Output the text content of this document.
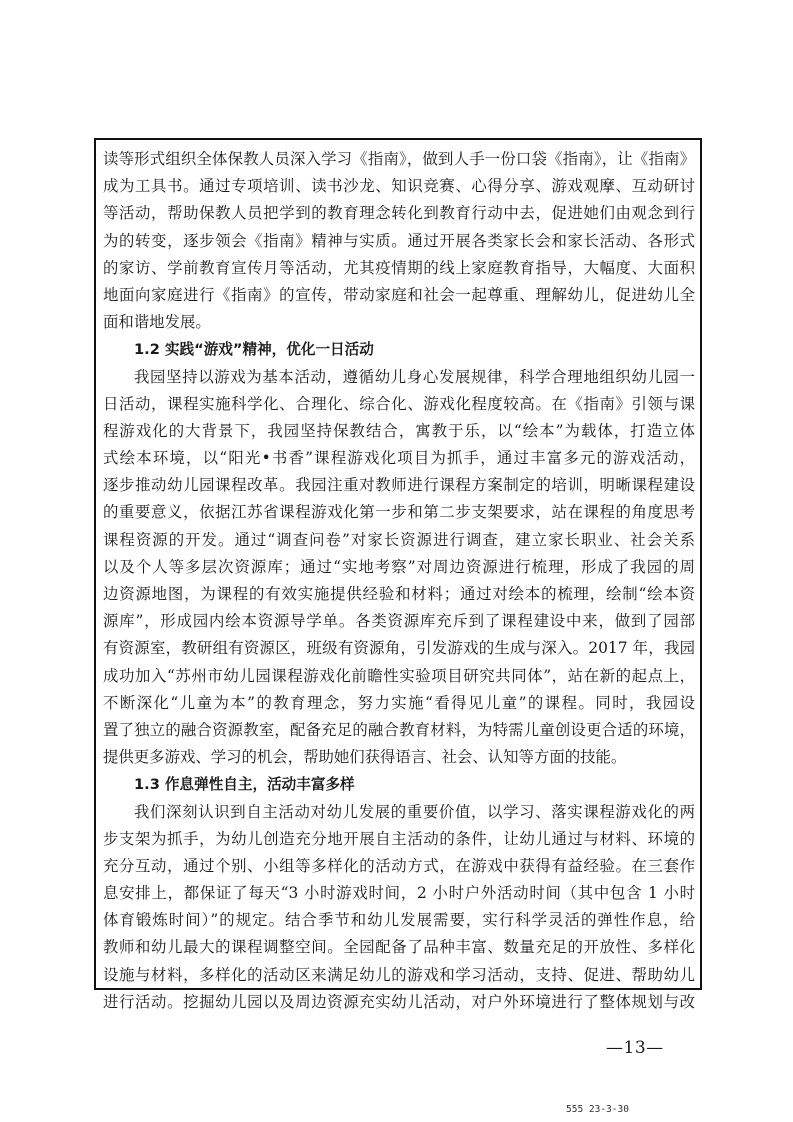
读等形式组织全体保教人员深入学习《指南》，做到人手一份口袋《指南》，让《指南》
成为工具书。通过专项培训、读书沙龙、知识竞赛、心得分享、游戏观摩、互动研讨
等活动，帮助保教人员把学到的教育理念转化到教育行动中去，促进她们由观念到行
为的转变，逐步领会《指南》精神与实质。通过开展各类家长会和家长活动、各形式
的家访、学前教育宣传月等活动，尤其疫情期的线上家庭教育指导，大幅度、大面积
地面向家庭进行《指南》的宣传，带动家庭和社会一起尊重、理解幼儿，促进幼儿全
面和谐地发展。
1.2 实践“游戏”精神，优化一日活动
我园坚持以游戏为基本活动，遵循幼儿身心发展规律，科学合理地组织幼儿园一
日活动，课程实施科学化、合理化、综合化、游戏化程度较高。在《指南》引领与课
程游戏化的大背景下，我园坚持保教结合，寓教于乐，以“绘本”为载体，打造立体
式绘本环境，以“阳光•书香”课程游戏化项目为抓手，通过丰富多元的游戏活动，
逐步推动幼儿园课程改革。我园注重对教师进行课程方案制定的培训，明晰课程建设
的重要意义，依据江苏省课程游戏化第一步和第二步支架要求，站在课程的角度思考
课程资源的开发。通过“调查问卷”对家长资源进行调查，建立家长职业、社会关系
以及个人等多层次资源库；通过“实地考察”对周边资源进行梳理，形成了我园的周
边资源地图，为课程的有效实施提供经验和材料；通过对绘本的梳理，绘制“绘本资
源库”，形成园内绘本资源导学单。各类资源库充斥到了课程建设中来，做到了园部
有资源室，教研组有资源区，班级有资源角，引发游戏的生成与深入。2017 年，我园
成功加入“苏州市幼儿园课程游戏化前瞻性实验项目研究共同体”，站在新的起点上，
不断深化“儿童为本”的教育理念，努力实施“看得见儿童”的课程。同时，我园设
置了独立的融合资源教室，配备充足的融合教育材料，为特需儿童创设更合适的环境，
提供更多游戏、学习的机会，帮助她们获得语言、社会、认知等方面的技能。
1.3 作息弹性自主，活动丰富多样
我们深刻认识到自主活动对幼儿发展的重要价值，以学习、落实课程游戏化的两
步支架为抓手，为幼儿创造充分地开展自主活动的条件，让幼儿通过与材料、环境的
充分互动，通过个别、小组等多样化的活动方式，在游戏中获得有益经验。在三套作
息安排上，都保证了每天“3 小时游戏时间，2 小时户外活动时间（其中包含 1 小时
体育锻炼时间）”的规定。结合季节和幼儿发展需要，实行科学灵活的弹性作息，给
教师和幼儿最大的课程调整空间。全园配备了品种丰富、数量充足的开放性、多样化
设施与材料，多样化的活动区来满足幼儿的游戏和学习活动，支持、促进、帮助幼儿
进行活动。挖掘幼儿园以及周边资源充实幼儿活动，对户外环境进行了整体规划与改
—13—
555 23-3-30
